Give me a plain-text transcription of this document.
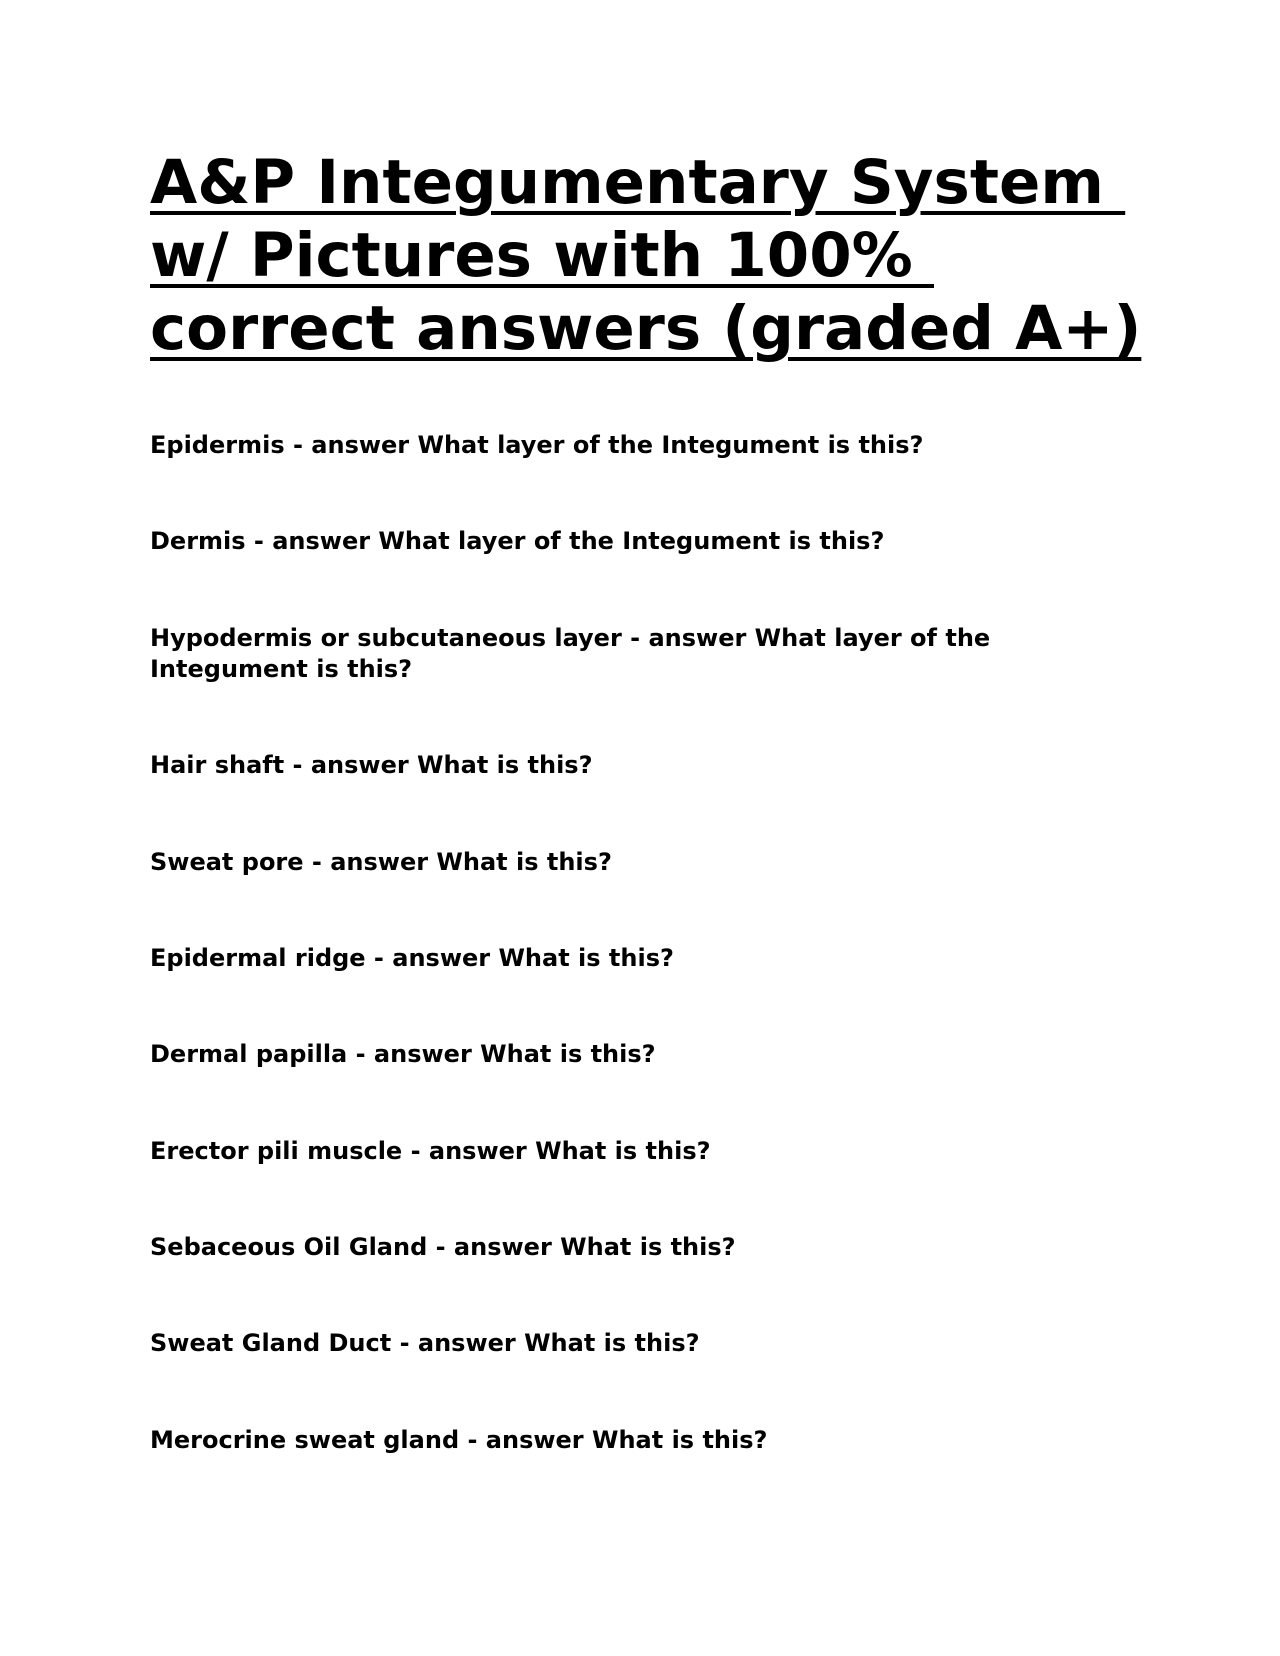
A&P Integumentary System
w/ Pictures with 100%
correct answers (graded A+)

Epidermis - answer What layer of the Integument is this?

Dermis - answer What layer of the Integument is this?

Hypodermis or subcutaneous layer - answer What layer of the Integument is this?

Hair shaft - answer What is this?

Sweat pore - answer What is this?

Epidermal ridge - answer What is this?

Dermal papilla - answer What is this?

Erector pili muscle - answer What is this?

Sebaceous Oil Gland - answer What is this?

Sweat Gland Duct - answer What is this?

Merocrine sweat gland - answer What is this?
